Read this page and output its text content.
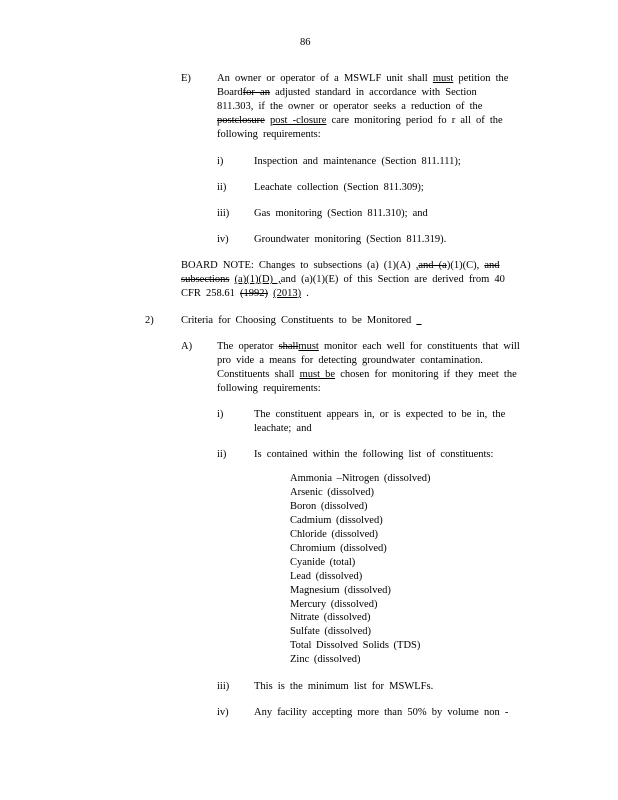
86
E) An owner or operator of a MSWLF unit shall must petition the
Boardfor an adjusted standard in accordance with Section
811.303, if the owner or operator seeks a reduction of the
postclosure post -closure care monitoring period fo r all of the
following requirements:
i)	Inspection and maintenance (Section 811.111);
ii)	Leachate collection (Section 811.309);
iii) Gas monitoring (Section 811.310); and
iv) Groundwater monitoring (Section 811.319).
BOARD NOTE: Changes to subsections (a) (1)(A) ,and (a)(1)(C), and
subsections (a)(1)(D) ,and (a)(1)(E) of this Section are derived from 40
CFR 258.61 (1992) (2013) .
2)	Criteria for Choosing Constituents to be Monitored
A) The operator shallmust monitor each well for constituents that will
pro vide a means for detecting groundwater contamination.
Constituents shall must be chosen for monitoring if they meet the
following requirements:
i)	The constituent appears in, or is expected to be in, the
leachate; and
ii)	Is contained within the following list of constituents:
Ammonia –Nitrogen (dissolved)
Arsenic (dissolved)
Boron (dissolved)
Cadmium (dissolved)
Chloride (dissolved)
Chromium (dissolved)
Cyanide (total)
Lead (dissolved)
Magnesium (dissolved)
Mercury (dissolved)
Nitrate (dissolved)
Sulfate (dissolved)
Total Dissolved Solids (TDS)
Zinc (dissolved)
iii) This is the minimum list for MSWLFs.
iv) Any facility accepting more than 50% by volume non -
